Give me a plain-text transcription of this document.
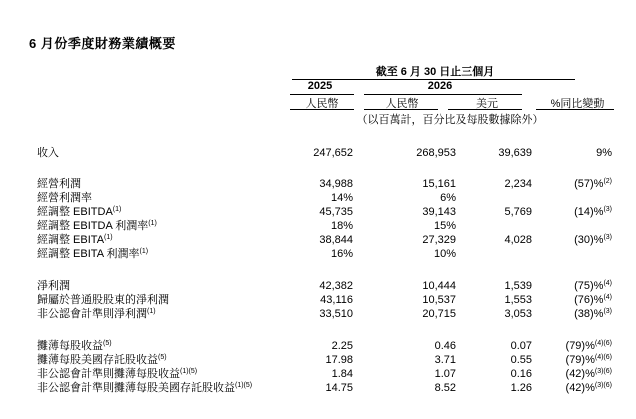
6 月份季度財務業績概要
截至 6 月 30 日止三個月
2025	2026
人民幣	人民幣	美元	%同比變動
（以百萬計，百分比及每股數據除外）
收入	247,652	268,953	39,639	9%
經營利潤	34,988	15,161	2,234	(57)%$^{(2)}$
經營利潤率	14%	6%
經調整 EBITDA$^{(1)}$	45,735	39,143	5,769	(14)%$^{(3)}$
經調整 EBITDA 利潤率$^{(1)}$	18%	15%
經調整 EBITA$^{(1)}$	38,844	27,329	4,028	(30)%$^{(3)}$
經調整 EBITA 利潤率$^{(1)}$	16%	10%
淨利潤	42,382	10,444	1,539	(75)%$^{(4)}$
歸屬於普通股股東的淨利潤	43,116	10,537	1,553	(76)%$^{(4)}$
非公認會計準則淨利潤$^{(1)}$	33,510	20,715	3,053	(38)%$^{(3)}$
攤薄每股收益$^{(5)}$	2.25	0.46	0.07	(79)%$^{(4)(6)}$
攤薄每股美國存託股收益$^{(5)}$	17.98	3.71	0.55	(79)%$^{(4)(6)}$
非公認會計準則攤薄每股收益$^{(1)(5)}$	1.84	1.07	0.16	(42)%$^{(3)(6)}$
非公認會計準則攤薄每股美國存託股收益$^{(1)(5)}$	14.75	8.52	1.26	(42)%$^{(3)(6)}$
